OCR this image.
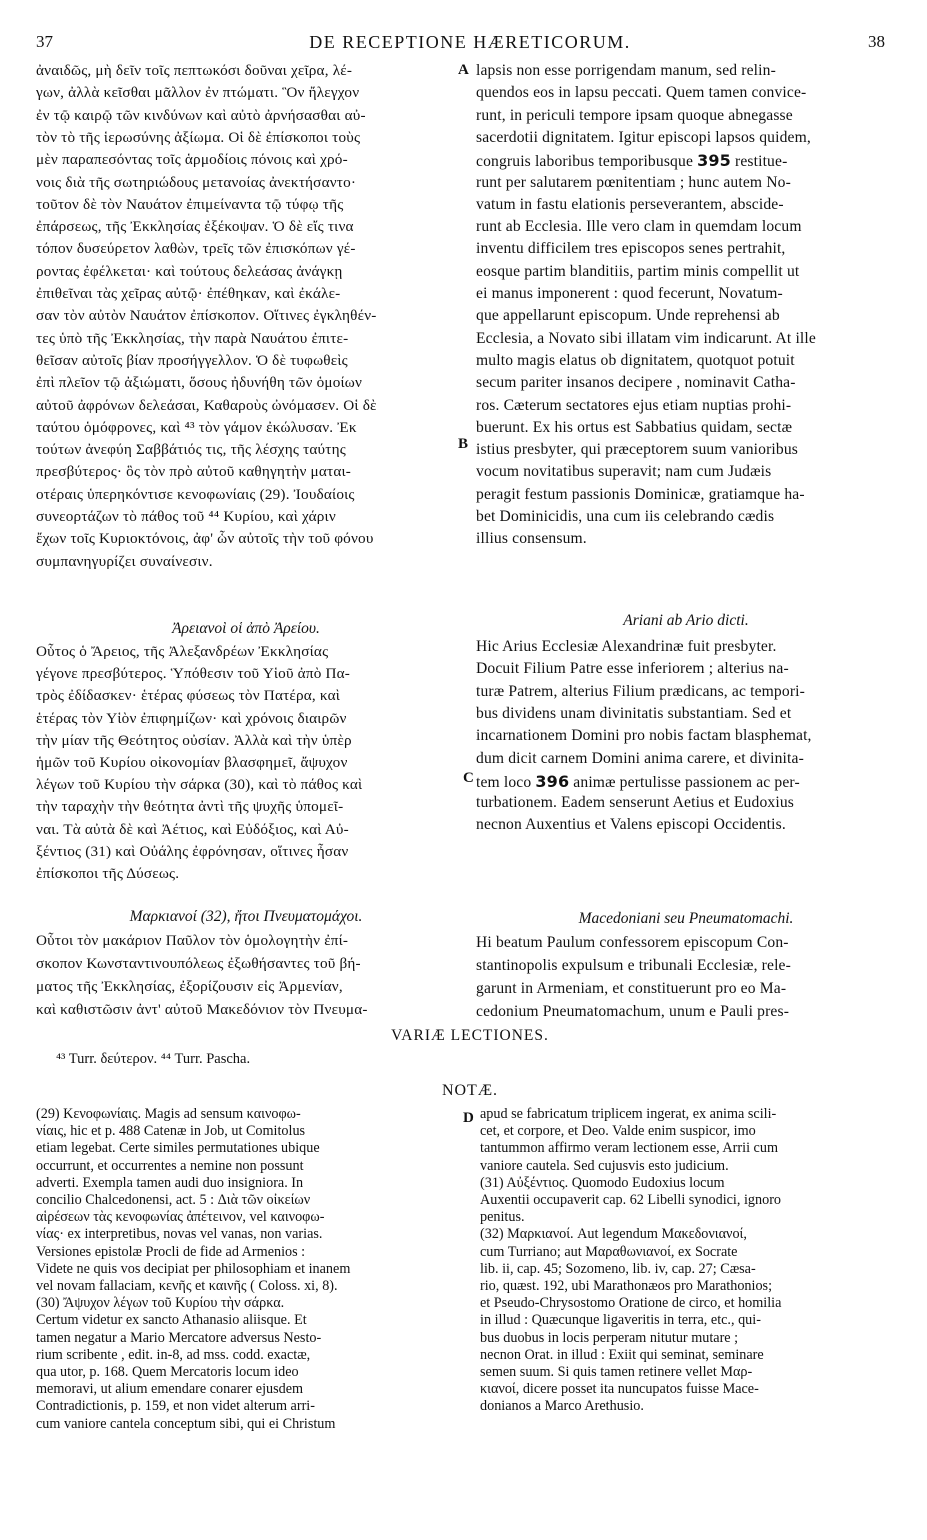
37	DE RECEPTIONE HÆRETICORUM.	38
A
B
C
D
ἀναιδῶς, μὴ δεῖν τοῖς πεπτωκόσι δοῦναι χεῖρα, λέ-
γων, ἀλλὰ κεῖσθαι μᾶλλον ἐν πτώματι. Ὃν ἤλεγχον
ἐν τῷ καιρῷ τῶν κινδύνων καὶ αὐτὸ ἀρνήσασθαι αὐ-
τὸν τὸ τῆς ἱερωσύνης ἀξίωμα. Οἱ δὲ ἐπίσκοποι τοὺς
μὲν παραπεσόντας τοῖς ἁρμοδίοις πόνοις καὶ χρό-
νοις διὰ τῆς σωτηριώδους μετανοίας ἀνεκτήσαντο·
τοῦτον δὲ τὸν Ναυάτον ἐπιμείναντα τῷ τύφῳ τῆς
ἐπάρσεως, τῆς Ἐκκλησίας ἐξέκοψαν. Ὁ δὲ εἴς τινα
τόπον δυσεύρετον λαθὼν, τρεῖς τῶν ἐπισκόπων γέ-
ροντας ἐφέλκεται· καὶ τούτους δελεάσας ἀνάγκῃ
ἐπιθεῖναι τὰς χεῖρας αὐτῷ· ἐπέθηκαν, καὶ ἐκάλε-
σαν τὸν αὐτὸν Ναυάτον ἐπίσκοπον. Οἵτινες ἐγκληθέν-
τες ὑπὸ τῆς Ἐκκλησίας, τὴν παρὰ Ναυάτου ἐπιτε-
θεῖσαν αὐτοῖς βίαν προσήγγελλον. Ὁ δὲ τυφωθεὶς
ἐπὶ πλεῖον τῷ ἀξιώματι, ὅσους ἠδυνήθη τῶν ὁμοίων
αὐτοῦ ἀφρόνων δελεάσαι, Καθαροὺς ὠνόμασεν. Οἱ δὲ
ταύτου ὁμόφρονες, καὶ ⁴³ τὸν γάμον ἐκώλυσαν. Ἐκ
τούτων ἀνεφύη Σαββάτιός τις, τῆς λέσχης ταύτης
πρεσβύτερος· ὃς τὸν πρὸ αὐτοῦ καθηγητὴν μαται-
οτέραις ὑπερηκόντισε κενοφωνίαις (29). Ἰουδαίοις
συνεορτάζων τὸ πάθος τοῦ ⁴⁴ Κυρίου, καὶ χάριν
ἔχων τοῖς Κυριοκτόνοις, ἀφ' ὧν αὐτοῖς τὴν τοῦ φόνου
συμπανηγυρίζει συναίνεσιν.
lapsis non esse porrigendam manum, sed relin-
quendos eos in lapsu peccati. Quem tamen convice-
runt, in periculi tempore ipsam quoque abnegasse
sacerdotii dignitatem. Igitur episcopi lapsos quidem,
congruis laboribus temporibusque 395 restitue-
runt per salutarem pœnitentiam ; hunc autem No-
vatum in fastu elationis perseverantem, abscide-
runt ab Ecclesia. Ille vero clam in quemdam locum
inventu difficilem tres episcopos senes pertrahit,
eosque partim blanditiis, partim minis compellit ut
ei manus imponerent : quod fecerunt, Novatum-
que appellarunt episcopum. Unde reprehensi ab
Ecclesia, a Novato sibi illatam vim indicarunt. At ille
multo magis elatus ob dignitatem, quotquot potuit
secum pariter insanos decipere , nominavit Catha-
ros. Cæterum sectatores ejus etiam nuptias prohi-
buerunt. Ex his ortus est Sabbatius quidam, sectæ
istius presbyter, qui præceptorem suum vanioribus
vocum novitatibus superavit; nam cum Judæis
peragit festum passionis Dominicæ, gratiamque ha-
bet Dominicidis, una cum iis celebrando cædis
illius consensum.
Ἀρειανοὶ οἱ ἀπὸ Ἀρείου.	Ariani ab Ario dicti.
Οὗτος ὁ Ἄρειος, τῆς Ἀλεξανδρέων Ἐκκλησίας
γέγονε πρεσβύτερος. Ὑπόθεσιν τοῦ Υἱοῦ ἀπὸ Πα-
τρὸς ἐδίδασκεν· ἑτέρας φύσεως τὸν Πατέρα, καὶ
ἑτέρας τὸν Υἱὸν ἐπιφημίζων· καὶ χρόνοις διαιρῶν
τὴν μίαν τῆς Θεότητος οὐσίαν. Ἀλλὰ καὶ τὴν ὑπὲρ
ἡμῶν τοῦ Κυρίου οἰκονομίαν βλασφημεῖ, ἄψυχον
λέγων τοῦ Κυρίου τὴν σάρκα (30), καὶ τὸ πάθος καὶ
τὴν ταραχὴν τὴν θεότητα ἀντὶ τῆς ψυχῆς ὑπομεῖ-
ναι. Τὰ αὐτὰ δὲ καὶ Ἀέτιος, καὶ Εὐδόξιος, καὶ Αὐ-
ξέντιος (31) καὶ Οὐάλης ἐφρόνησαν, οἵτινες ἦσαν
ἐπίσκοποι τῆς Δύσεως.
Hic Arius Ecclesiæ Alexandrinæ fuit presbyter.
Docuit Filium Patre esse inferiorem ; alterius na-
turæ Patrem, alterius Filium prædicans, ac tempori-
bus dividens unam divinitatis substantiam. Sed et
incarnationem Domini pro nobis factam blasphemat,
dum dicit carnem Domini anima carere, et divinita-
tem loco 396 animæ pertulisse passionem ac per-
turbationem. Eadem senserunt Aetius et Eudoxius
necnon Auxentius et Valens episcopi Occidentis.
Μαρκιανοί (32), ἤτοι Πνευματομάχοι.	Macedoniani seu Pneumatomachi.
Οὗτοι τὸν μακάριον Παῦλον τὸν ὁμολογητὴν ἐπί-
σκοπον Κωνσταντινουπόλεως ἐξωθήσαντες τοῦ βή-
ματος τῆς Ἐκκλησίας, ἐξορίζουσιν εἰς Ἀρμενίαν,
καὶ καθιστῶσιν ἀντ' αὐτοῦ Μακεδόνιον τὸν Πνευμα-
Hi beatum Paulum confessorem episcopum Con-
stantinopolis expulsum e tribunali Ecclesiæ, rele-
garunt in Armeniam, et constituerunt pro eo Ma-
cedonium Pneumatomachum, unum e Pauli pres-
VARIÆ LECTIONES.
⁴³ Turr. δεύτερον. ⁴⁴ Turr. Pascha.
NOTÆ.
(29) Κενοφωνίαις. Magis ad sensum καινοφω-
νίαις, hic et p. 488 Catenæ in Job, ut Comitolus
etiam legebat. Certe similes permutationes ubique
occurrunt, et occurrentes a nemine non possunt
adverti. Exempla tamen audi duo insigniora. In
concilio Chalcedonensi, act. 5 : Διὰ τῶν οἰκείων
αἱρέσεων τὰς κενοφωνίας ἀπέτεινον, vel καινοφω-
νίας· ex interpretibus, novas vel vanas, non varias.
Versiones epistolæ Procli de fide ad Armenios :
Videte ne quis vos decipiat per philosophiam et inanem
vel novam fallaciam, κενῆς et καινῆς ( Coloss. xi, 8).
(30) Ἄψυχον λέγων τοῦ Κυρίου τὴν σάρκα.
Certum videtur ex sancto Athanasio aliisque. Et
tamen negatur a Mario Mercatore adversus Nesto-
rium scribente , edit. in-8, ad mss. codd. exactæ,
qua utor, p. 168. Quem Mercatoris locum ideo
memoravi, ut alium emendare conarer ejusdem
Contradictionis, p. 159, et non videt alterum arri-
cum vaniore cantela conceptum sibi, qui ei Christum
apud se fabricatum triplicem ingerat, ex anima scili-
cet, et corpore, et Deo. Valde enim suspicor, imo
tantummon affirmo veram lectionem esse, Arrii cum
vaniore cautela. Sed cujusvis esto judicium.
(31) Αὐξέντιος. Quomodo Eudoxius locum
Auxentii occupaverit cap. 62 Libelli synodici, ignoro
penitus.
(32) Μαρκιανοί. Aut legendum Μακεδονιανοί,
cum Turriano; aut Μαραθωνιανοί, ex Socrate
lib. ii, cap. 45; Sozomeno, lib. iv, cap. 27; Cæsa-
rio, quæst. 192, ubi Marathonæos pro Marathonios;
et Pseudo-Chrysostomo Oratione de circo, et homilia
in illud : Quæcunque ligaveritis in terra, etc., qui-
bus duobus in locis perperam nitutur mutare ;
necnon Orat. in illud : Exiit qui seminat, seminare
semen suum. Si quis tamen retinere vellet Μαρ-
κιανοί, dicere posset ita nuncupatos fuisse Mace-
donianos a Marco Arethusio.
